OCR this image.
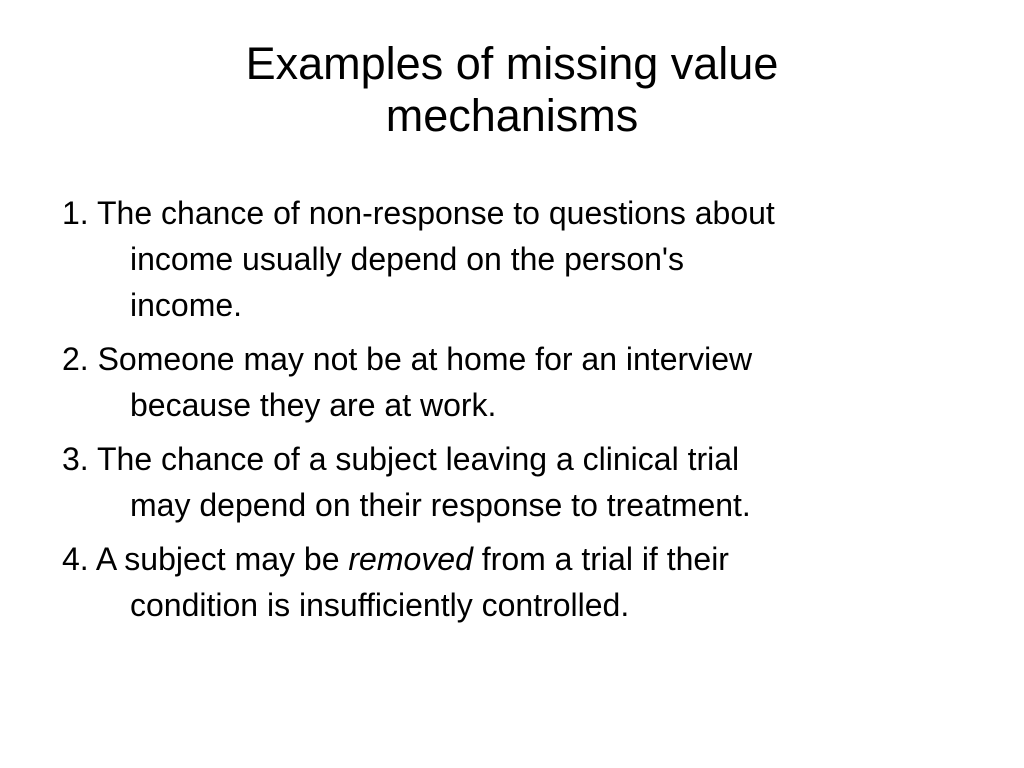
Examples of missing value
mechanisms
1. The chance of non-response to questions about
income usually depend on the person's
income.
2. Someone may not be at home for an interview
because they are at work.
3. The chance of a subject leaving a clinical trial
may depend on their response to treatment.
4. A subject may be removed from a trial if their
condition is insufficiently controlled.
